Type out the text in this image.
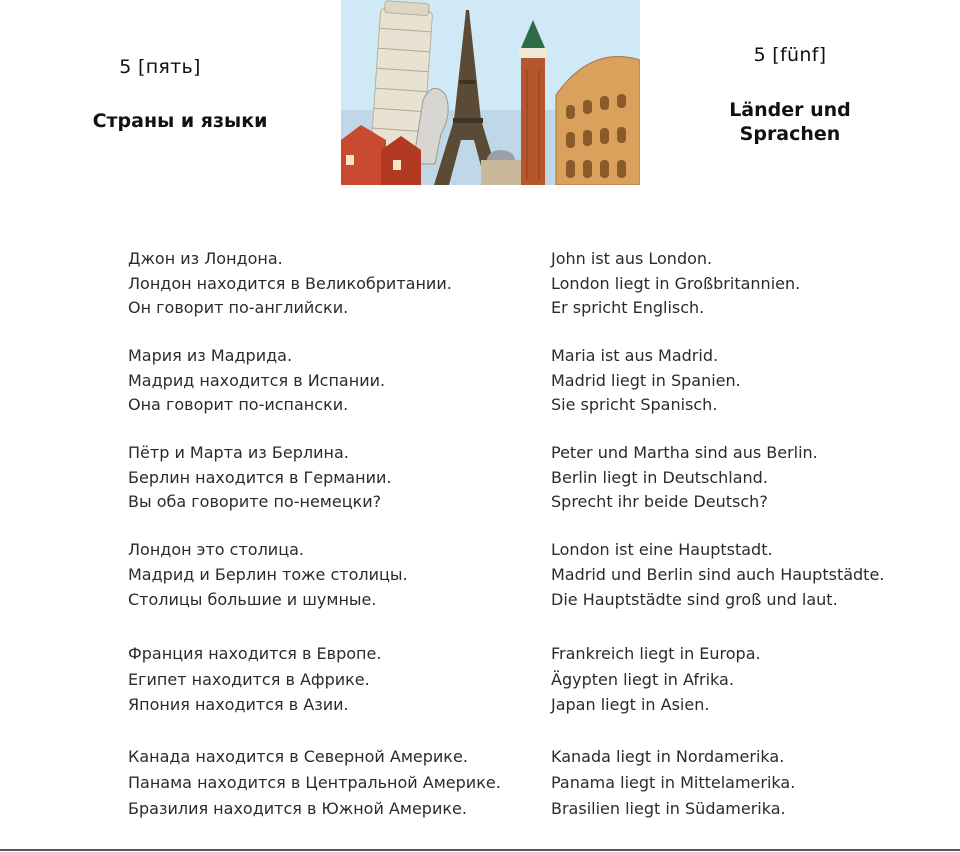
5 [пять]
Страны и языки
5 [fünf]
Länder und Sprachen
Джон из Лондона.
Лондон находится в Великобритании.
Он говорит по-английски.
Мария из Мадрида.
Мадрид находится в Испании.
Она говорит по-испански.
Пётр и Марта из Берлина.
Берлин находится в Германии.
Вы оба говорите по-немецки?
Лондон это столица.
Мадрид и Берлин тоже столицы.
Столицы большие и шумные.
Франция находится в Европе.
Египет находится в Африке.
Япония находится в Азии.
Канада находится в Северной Америке.
Панама находится в Центральной Америке.
Бразилия находится в Южной Америке.
John ist aus London.
London liegt in Großbritannien.
Er spricht Englisch.
Maria ist aus Madrid.
Madrid liegt in Spanien.
Sie spricht Spanisch.
Peter und Martha sind aus Berlin.
Berlin liegt in Deutschland.
Sprecht ihr beide Deutsch?
London ist eine Hauptstadt.
Madrid und Berlin sind auch Hauptstädte.
Die Hauptstädte sind groß und laut.
Frankreich liegt in Europa.
Ägypten liegt in Afrika.
Japan liegt in Asien.
Kanada liegt in Nordamerika.
Panama liegt in Mittelamerika.
Brasilien liegt in Südamerika.
